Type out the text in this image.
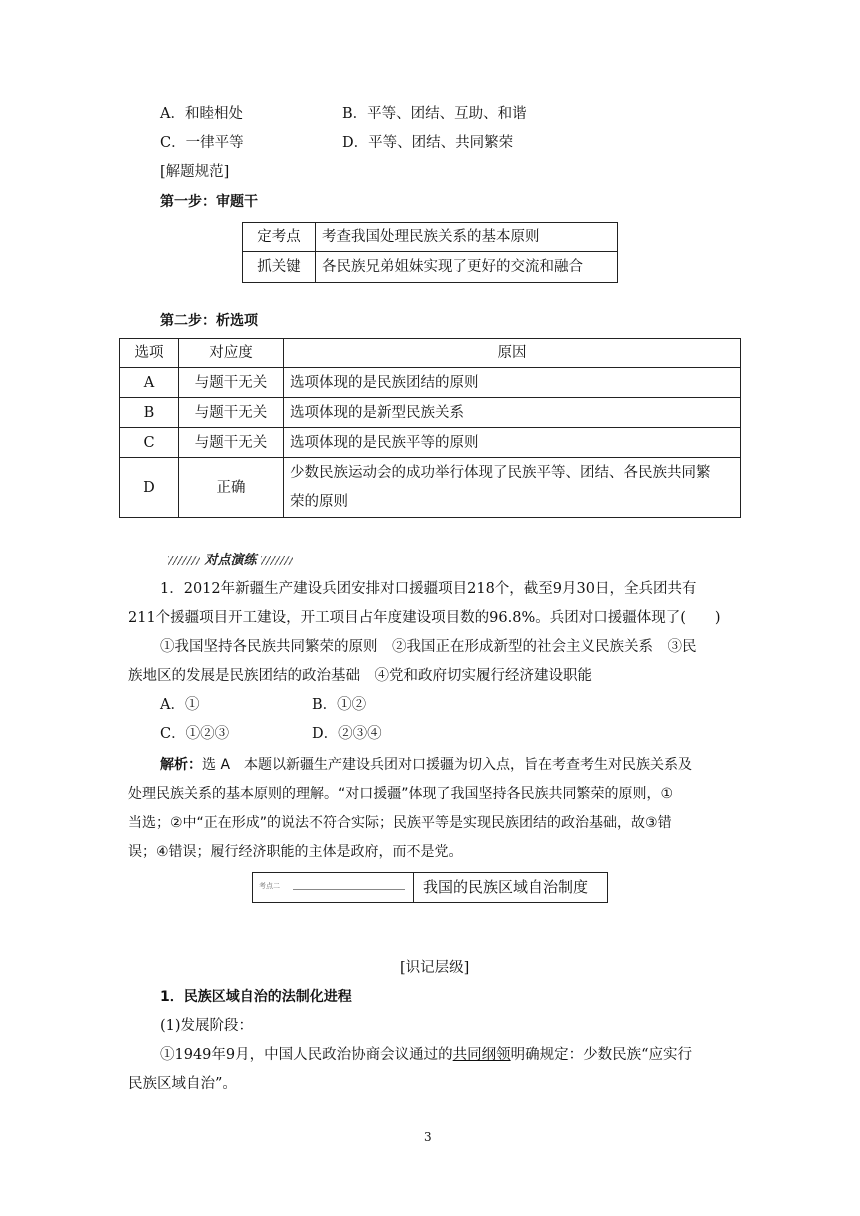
A．和睦相处	B．平等、团结、互助、和谐
C．一律平等	D．平等、团结、共同繁荣
[解题规范]
第一步：审题干
定考点	考查我国处理民族关系的基本原则
抓关键	各民族兄弟姐妹实现了更好的交流和融合
第二步：析选项
选项	对应度	原因
A	与题干无关	选项体现的是民族团结的原则
B	与题干无关	选项体现的是新型民族关系
C	与题干无关	选项体现的是民族平等的原则
D	正确	少数民族运动会的成功举行体现了民族平等、团结、各民族共同繁
荣的原则
对点演练

1．2012年新疆生产建设兵团安排对口援疆项目218个，截至9月30日，全兵团共有

211个援疆项目开工建设，开工项目占年度建设项目数的96.8%。兵团对口援疆体现了(　　)

①我国坚持各民族共同繁荣的原则　②我国正在形成新型的社会主义民族关系　③民

族地区的发展是民族团结的政治基础　④党和政府切实履行经济建设职能

A．①	B．①②
C．①②③	D．②③④

解析：选 A　本题以新疆生产建设兵团对口援疆为切入点，旨在考查考生对民族关系及

处理民族关系的基本原则的理解。“对口援疆”体现了我国坚持各民族共同繁荣的原则，①

当选；②中“正在形成”的说法不符合实际；民族平等是实现民族团结的政治基础，故③错

误；④错误；履行经济职能的主体是政府，而不是党。

考点二	我国的民族区域自治制度
[识记层级]
1．民族区域自治的法制化进程
(1)发展阶段：
①1949年9月，中国人民政治协商会议通过的共同纲领明确规定：少数民族“应实行
民族区域自治”。
3
